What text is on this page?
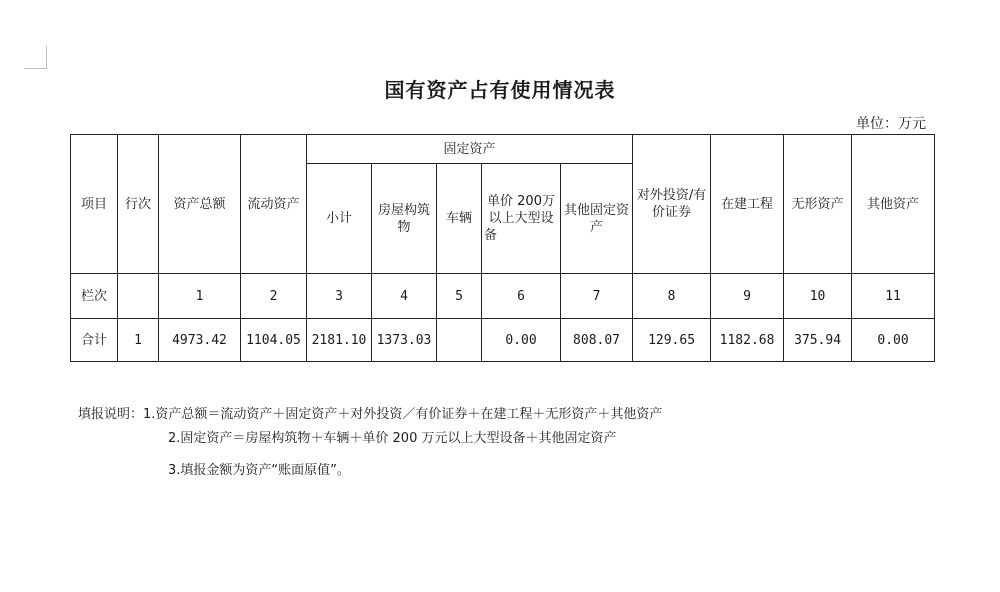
国有资产占有使用情况表
单位：万元
项目	行次	资产总额	流动资产	固定资产					对外投资/有价证券	在建工程	无形资产	其他资产
				小计	房屋构筑物	车辆	单价 200万以上大型设备	其他固定资产				
栏次		1	2	3	4	5	6	7	8	9	10	11
合计	1	4973.42	1104.05	2181.10	1373.03		0.00	808.07	129.65	1182.68	375.94	0.00
填报说明：1.资产总额＝流动资产＋固定资产＋对外投资／有价证券＋在建工程＋无形资产＋其他资产
2.固定资产＝房屋构筑物＋车辆＋单价 200 万元以上大型设备＋其他固定资产
3.填报金额为资产“账面原值”。
